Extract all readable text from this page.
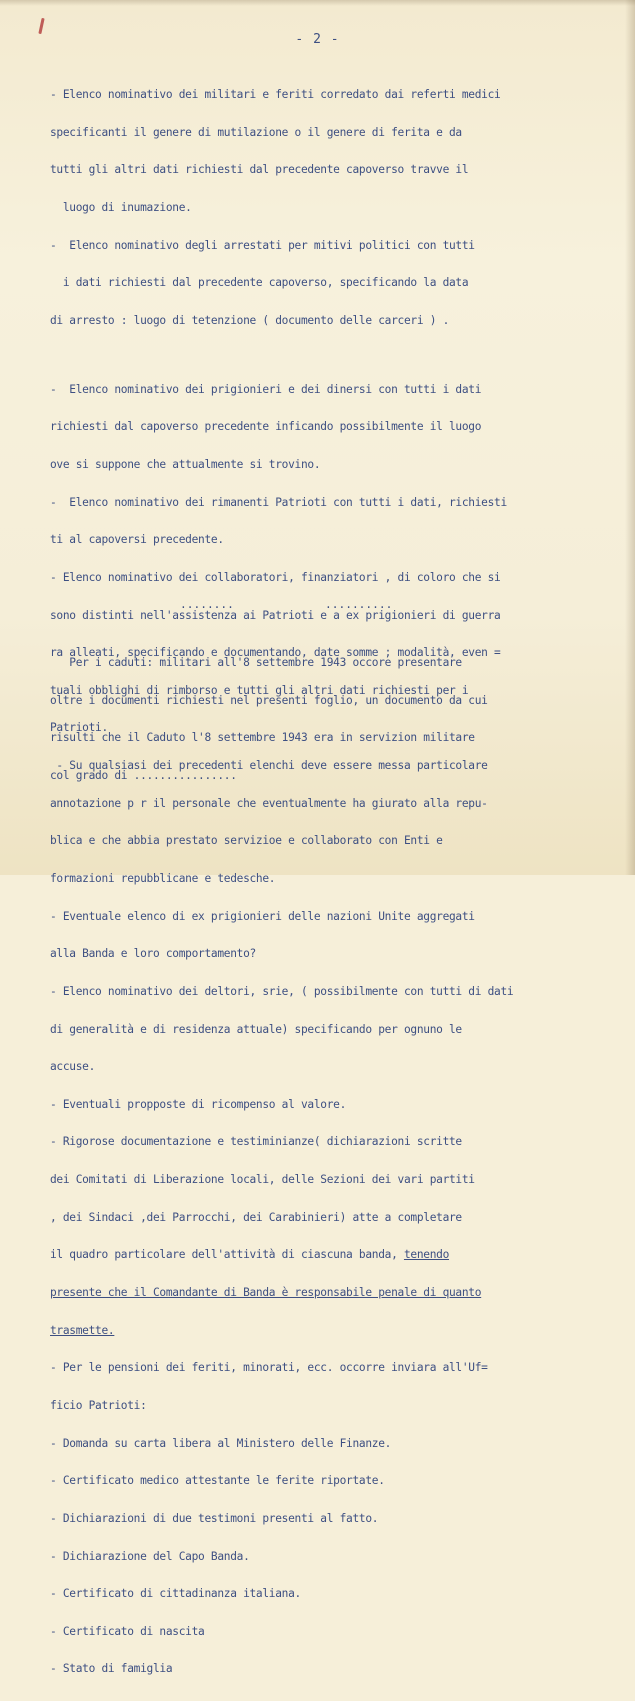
- 2 -

- Elenco nominativo dei militari e feriti corredato dai referti medici

specificanti il genere di mutilazione o il genere di ferita e da

tutti gli altri dati richiesti dal precedente capoverso travve il

luogo di inumazione.

-  Elenco nominativo degli arrestati per mitivi politici con tutti

i dati richiesti dal precedente capoverso, specificando la data

di arresto : luogo di tetenzione ( documento delle carceri ) .

-  Elenco nominativo dei prigionieri e dei dinersi con tutti i dati

richiesti dal capoverso precedente inficando possibilmente il luogo

ove si suppone che attualmente si trovino.

-  Elenco nominativo dei rimanenti Patrioti con tutti i dati, richiesti

ti al capoversi precedente.

- Elenco nominativo dei collaboratori, finanziatori , di coloro che si

sono distinti nell'assistenza ai Patrioti e a ex prigionieri di guerra

ra alleati, specificando e documentando, date somme ; modalità, even =

tuali obblighi di rimborso e tutti gli altri dati richiesti per i

Patrioti.

- Su qualsiasi dei precedenti elenchi deve essere messa particolare

annotazione p r il personale che eventualmente ha giurato alla repu-

blica e che abbia prestato servizioe e collaborato con Enti e

formazioni repubblicane e tedesche.

- Eventuale elenco di ex prigionieri delle nazioni Unite aggregati

alla Banda e loro comportamento?

- Elenco nominativo dei deltori, srie, ( possibilmente con tutti di dati

di generalità e di residenza attuale) specificando per ognuno le

accuse.

- Eventuali propposte di ricompenso al valore.

- Rigorose documentazione e testiminianze( dichiarazioni scritte

dei Comitati di Liberazione locali, delle Sezioni dei vari partiti

, dei Sindaci ,dei Parrocchi, dei Carabinieri) atte a completare

il quadro particolare dell'attività di ciascuna banda, tenendo

presente che il Comandante di Banda è responsabile penale di quanto

trasmette.

- Per le pensioni dei feriti, minorati, ecc. occorre inviara all'Uf=

ficio Patrioti:

- Domanda su carta libera al Ministero delle Finanze.

- Certificato medico attestante le ferite riportate.

- Dichiarazioni di due testimoni presenti al fatto.

- Dichiarazione del Capo Banda.

- Certificato di cittadinanza italiana.

- Certificato di nascita

- Stato di famiglia

........	..........

Per i caduti: militari all'8 settembre 1943 occore presentare

oltre i documenti richiesti nel presenti foglio, un documento da cui

risulti che il Caduto l'8 settembre 1943 era in servizion militare

col grado di ................
